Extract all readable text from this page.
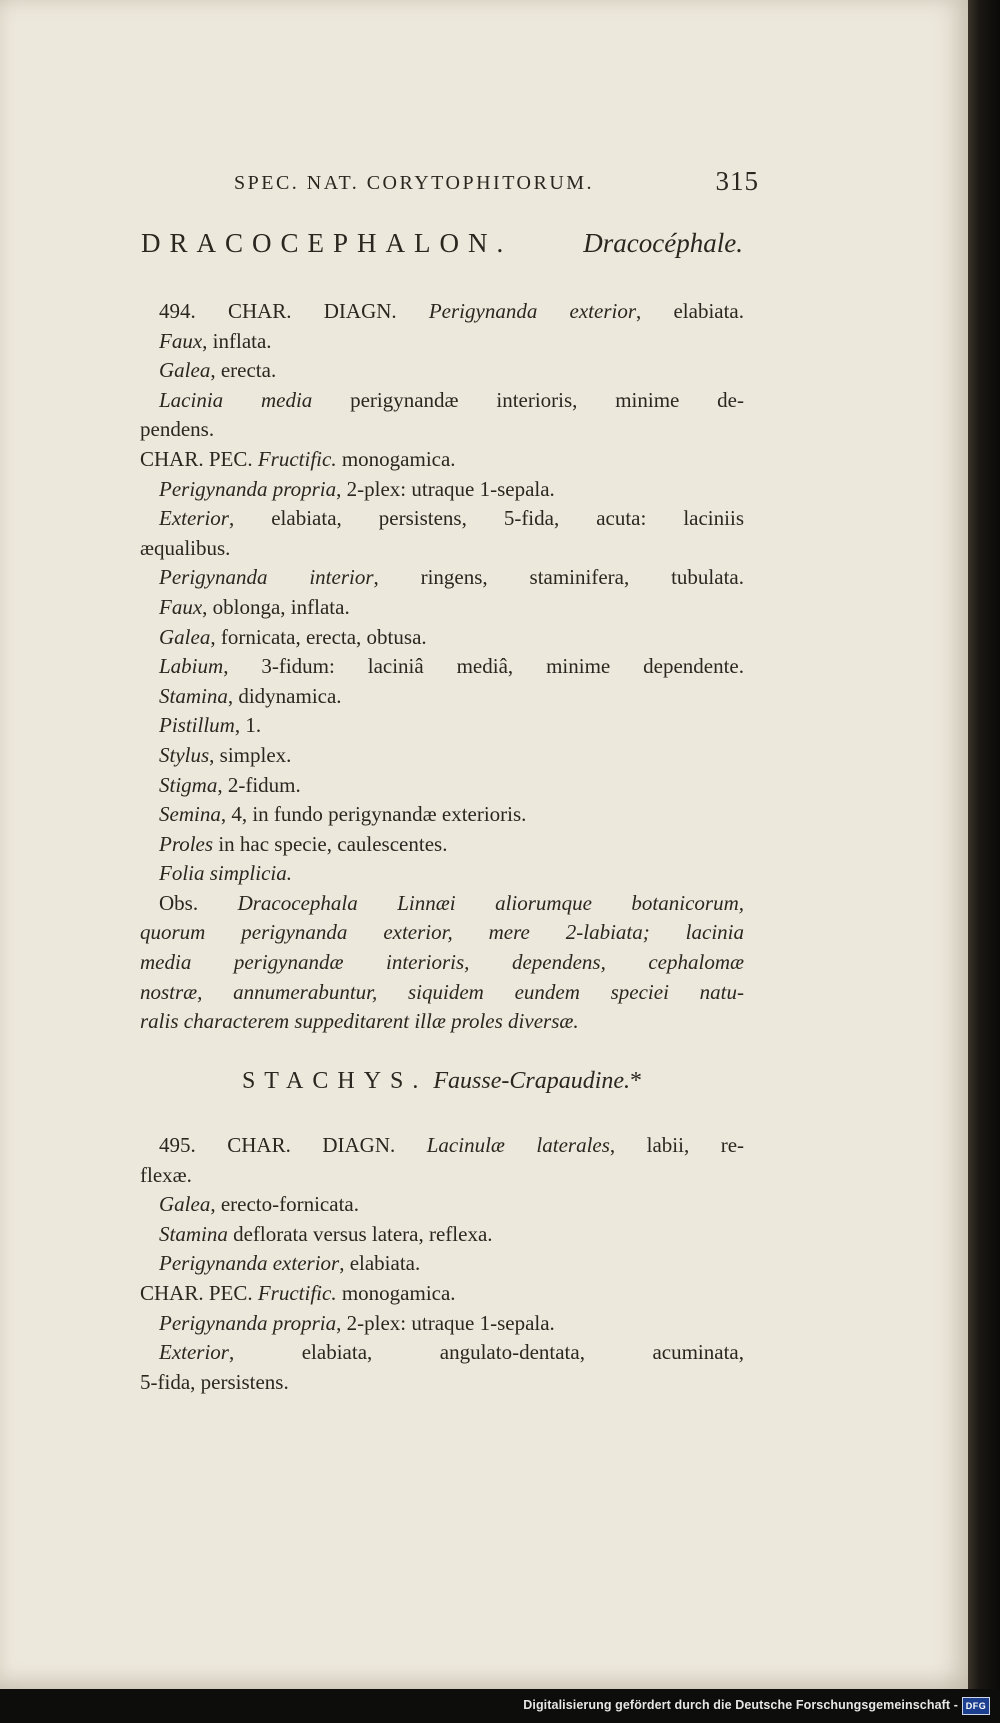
SPEC. NAT. CORYTOPHITORUM.	315
DRACOCEPHALON.	Dracocéphale.

494. CHAR. DIAGN. Perigynanda exterior, elabiata.

Faux, inflata.

Galea, erecta.

Lacinia media perigynandæ interioris, minime de-

pendens.

CHAR. PEC. Fructific. monogamica.

Perigynanda propria, 2-plex: utraque 1-sepala.

Exterior, elabiata, persistens, 5-fida, acuta: laciniis

æqualibus.

Perigynanda interior, ringens, staminifera, tubulata.

Faux, oblonga, inflata.

Galea, fornicata, erecta, obtusa.

Labium, 3-fidum: laciniâ mediâ, minime dependente.

Stamina, didynamica.

Pistillum, 1.

Stylus, simplex.

Stigma, 2-fidum.

Semina, 4, in fundo perigynandæ exterioris.

Proles in hac specie, caulescentes.

Folia simplicia.

Obs. Dracocephala Linnæi aliorumque botanicorum,

quorum perigynanda exterior, mere 2-labiata; lacinia

media perigynandæ interioris, dependens, cephalomæ

nostræ, annumerabuntur, siquidem eundem speciei natu-

ralis characterem suppeditarent illæ proles diversæ.

STACHYS. Fausse-Crapaudine.*

495. CHAR. DIAGN. Lacinulæ laterales, labii, re-

flexæ.

Galea, erecto-fornicata.

Stamina deflorata versus latera, reflexa.

Perigynanda exterior, elabiata.

CHAR. PEC. Fructific. monogamica.

Perigynanda propria, 2-plex: utraque 1-sepala.

Exterior, elabiata, angulato-dentata, acuminata,

5-fida, persistens.

Digitalisierung gefördert durch die Deutsche Forschungsgemeinschaft - DFG
